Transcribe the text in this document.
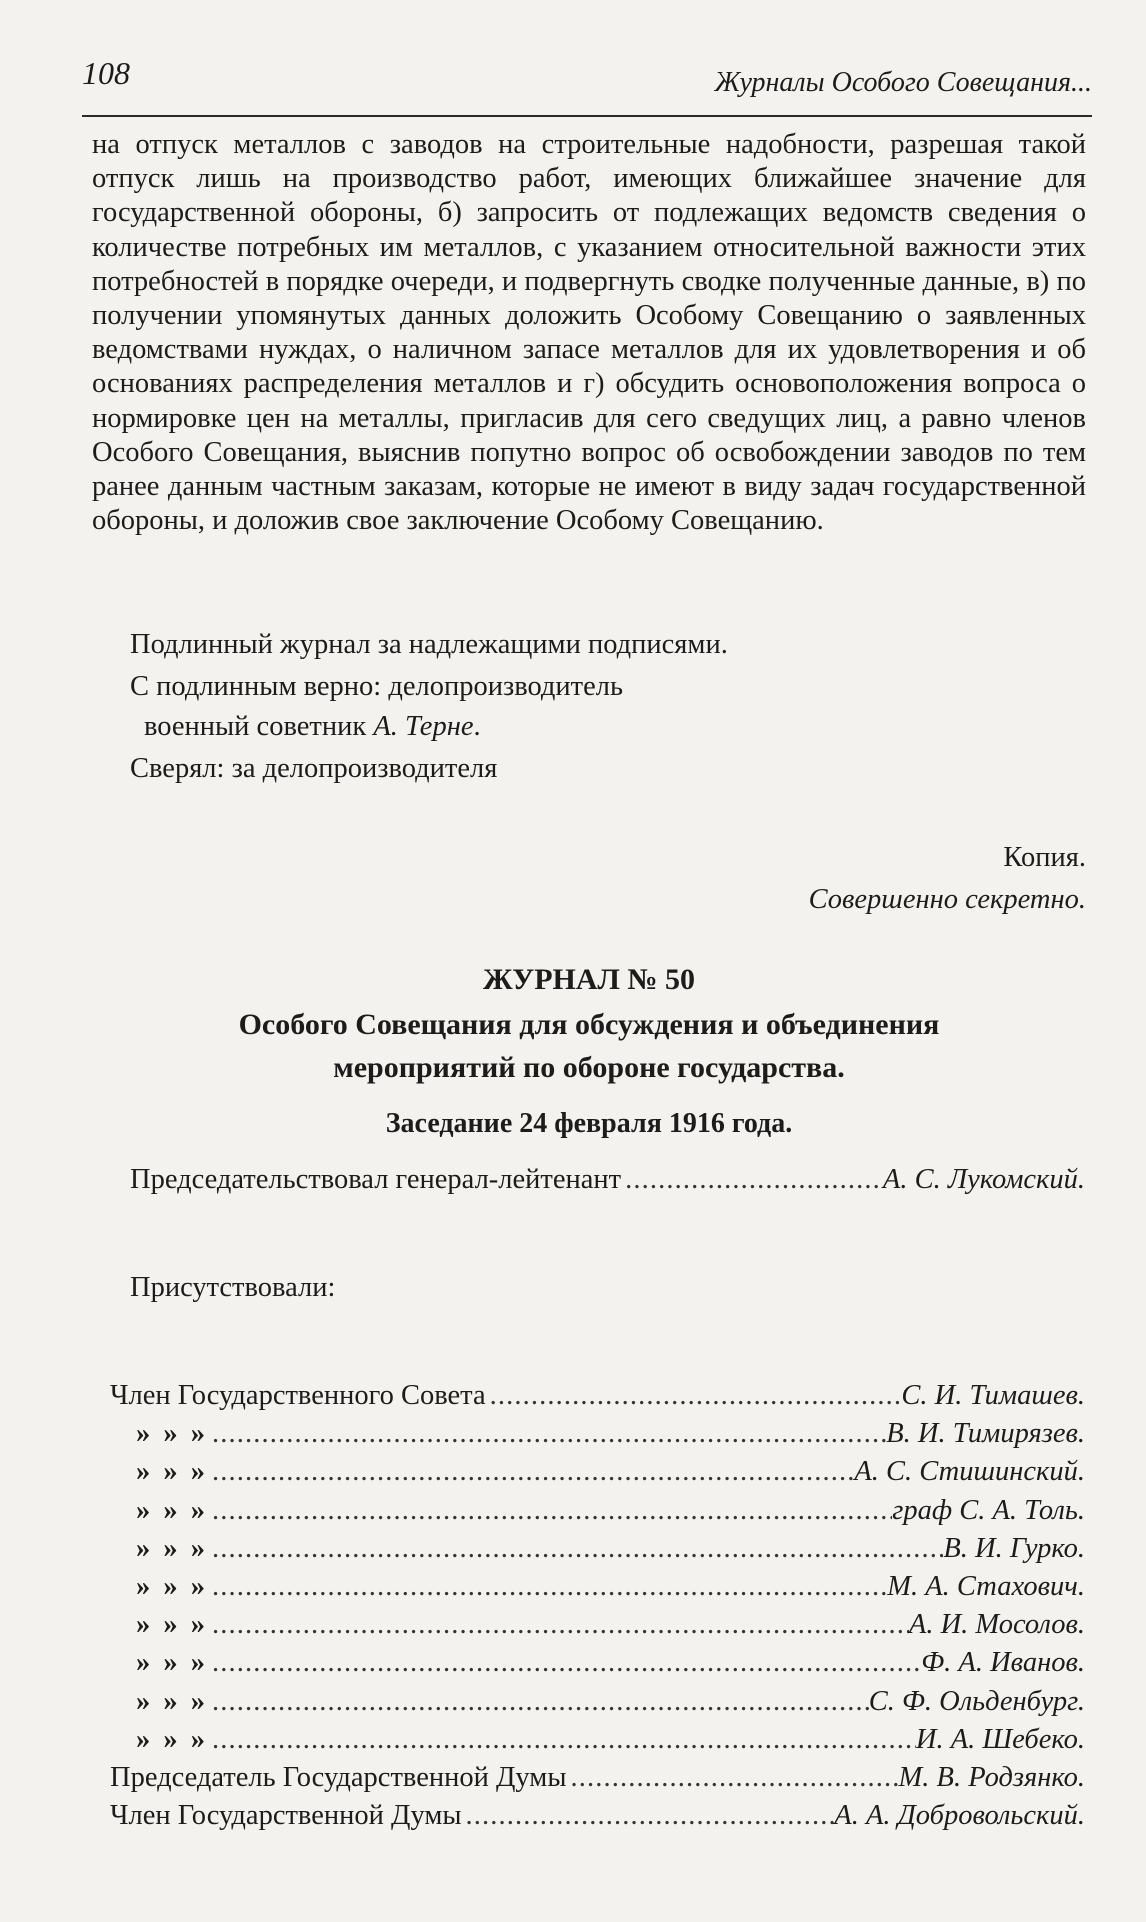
108	Журналы Особого Совещания...
на отпуск металлов с заводов на строительные надобности, разрешая такой отпуск лишь на производство работ, имеющих ближайшее значение для государственной обороны, б) запросить от подлежащих ведомств сведения о количестве потребных им металлов, с указанием относительной важности этих потребностей в порядке очереди, и подвергнуть сводке полученные данные, в) по получении упомянутых данных доложить Особому Совещанию о заявленных ведомствами нуждах, о наличном запасе металлов для их удовлетворения и об основаниях распределения металлов и г) обсудить основоположения вопроса о нормировке цен на металлы, пригласив для сего сведущих лиц, а равно членов Особого Совещания, выяснив попутно вопрос об освобождении заводов по тем ранее данным частным заказам, которые не имеют в виду задач государственной обороны, и доложив свое заключение Особому Совещанию.
Подлинный журнал за надлежащими подписями.
С подлинным верно: делопроизводитель
военный советник А. Терне.
Сверял: за делопроизводителя
Копия.
Совершенно секретно.
ЖУРНАЛ № 50
Особого Совещания для обсуждения и объединения
мероприятий по обороне государства.
Заседание 24 февраля 1916 года.
Председательствовал генерал-лейтенант . . .	А. С. Лукомский.
Присутствовали:
Член Государственного Совета . . .	С. И. Тимашев.
» » » . . .	В. И. Тимирязев.
» » » . . .	А. С. Стишинский.
» » » . . .	граф С. А. Толь.
» » » . . .	В. И. Гурко.
» » » . . .	М. А. Стахович.
» » » . . .	А. И. Мосолов.
» » » . . .	Ф. А. Иванов.
» » » . . .	С. Ф. Ольденбург.
» » » . . .	И. А. Шебеко.
Председатель Государственной Думы . . .	М. В. Родзянко.
Член Государственной Думы . . .	А. А. Добровольский.
